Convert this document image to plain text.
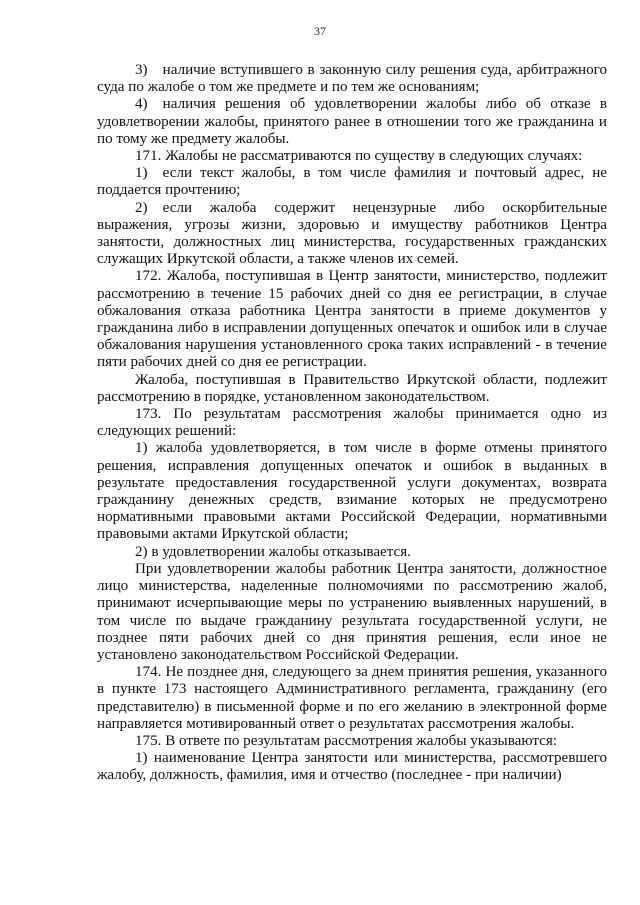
37

3) наличие вступившего в законную силу решения суда, арбитражного суда по жалобе о том же предмете и по тем же основаниям;

4) наличия решения об удовлетворении жалобы либо об отказе в удовлетворении жалобы, принятого ранее в отношении того же гражданина и по тому же предмету жалобы.

171. Жалобы не рассматриваются по существу в следующих случаях:

1) если текст жалобы, в том числе фамилия и почтовый адрес, не поддается прочтению;

2) если жалоба содержит нецензурные либо оскорбительные выражения, угрозы жизни, здоровью и имуществу работников Центра занятости, должностных лиц министерства, государственных гражданских служащих Иркутской области, а также членов их семей.

172. Жалоба, поступившая в Центр занятости, министерство, подлежит рассмотрению в течение 15 рабочих дней со дня ее регистрации, в случае обжалования отказа работника Центра занятости в приеме документов у гражданина либо в исправлении допущенных опечаток и ошибок или в случае обжалования нарушения установленного срока таких исправлений - в течение пяти рабочих дней со дня ее регистрации.

Жалоба, поступившая в Правительство Иркутской области, подлежит рассмотрению в порядке, установленном законодательством.

173. По результатам рассмотрения жалобы принимается одно из следующих решений:

1) жалоба удовлетворяется, в том числе в форме отмены принятого решения, исправления допущенных опечаток и ошибок в выданных в результате предоставления государственной услуги документах, возврата гражданину денежных средств, взимание которых не предусмотрено нормативными правовыми актами Российской Федерации, нормативными правовыми актами Иркутской области;

2) в удовлетворении жалобы отказывается.

При удовлетворении жалобы работник Центра занятости, должностное лицо министерства, наделенные полномочиями по рассмотрению жалоб, принимают исчерпывающие меры по устранению выявленных нарушений, в том числе по выдаче гражданину результата государственной услуги, не позднее пяти рабочих дней со дня принятия решения, если иное не установлено законодательством Российской Федерации.

174. Не позднее дня, следующего за днем принятия решения, указанного в пункте 173 настоящего Административного регламента, гражданину (его представителю) в письменной форме и по его желанию в электронной форме направляется мотивированный ответ о результатах рассмотрения жалобы.

175. В ответе по результатам рассмотрения жалобы указываются:

1) наименование Центра занятости или министерства, рассмотревшего жалобу, должность, фамилия, имя и отчество (последнее - при наличии)
